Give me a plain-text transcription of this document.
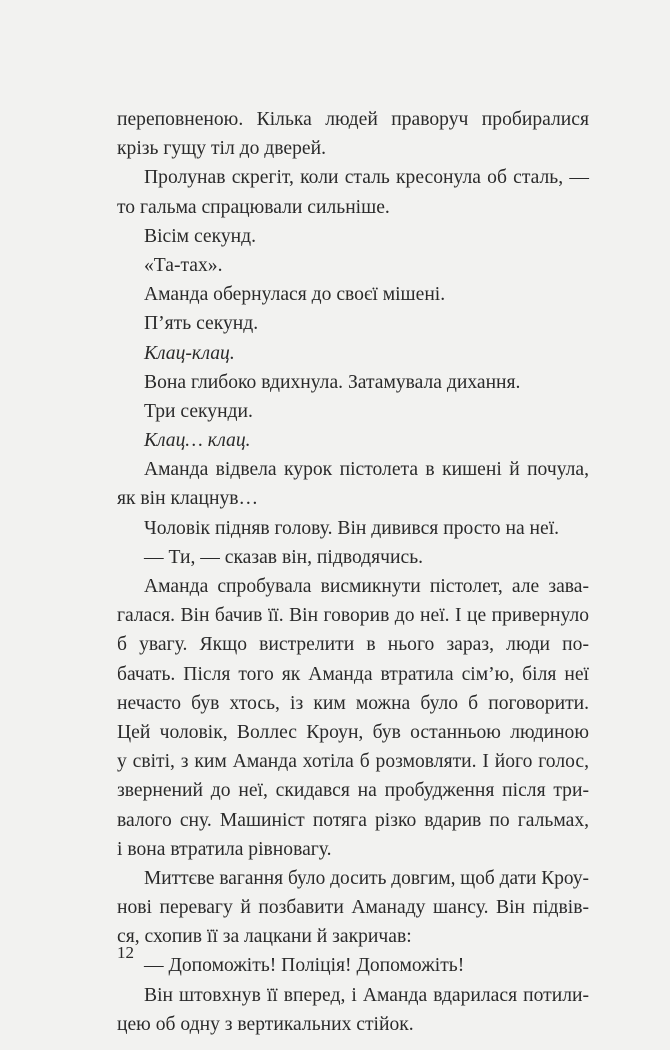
переповненою. Кілька людей праворуч пробиралися
крізь гущу тіл до дверей.
Пролунав скрегіт, коли сталь кресонула об сталь, —
то гальма спрацювали сильніше.
Вісім секунд.
«Та-тах».
Аманда обернулася до своєї мішені.
П’ять секунд.
Клац-клац.
Вона глибоко вдихнула. Затамувала дихання.
Три секунди.
Клац… клац.
Аманда відвела курок пістолета в кишені й почула,
як він клацнув…
Чоловік підняв голову. Він дивився просто на неї.
— Ти, — сказав він, підводячись.
Аманда спробувала висмикнути пістолет, але зава-
галася. Він бачив її. Він говорив до неї. І це привернуло
б увагу. Якщо вистрелити в нього зараз, люди по-
бачать. Після того як Аманда втратила сім’ю, біля неї
нечасто був хтось, із ким можна було б поговорити.
Цей чоловік, Воллес Кроун, був останньою людиною
у світі, з ким Аманда хотіла б розмовляти. І його голос,
звернений до неї, скидався на пробудження після три-
валого сну. Машиніст потяга різко вдарив по гальмах,
і вона втратила рівновагу.
Миттєве вагання було досить довгим, щоб дати Кроу-
нові перевагу й позбавити Аманаду шансу. Він підвів-
ся, схопив її за лацкани й закричав:
— Допоможіть! Поліція! Допоможіть!
Він штовхнув її вперед, і Аманда вдарилася потили-
цею об одну з вертикальних стійок.
12
